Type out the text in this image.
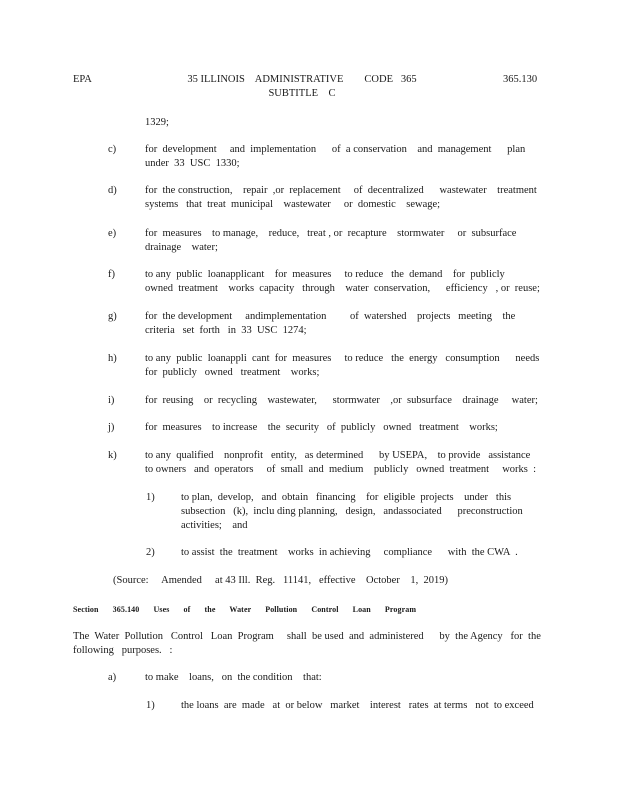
EPA	35 ILLINOIS    ADMINISTRATIVE        CODE   365
SUBTITLE    C
365.130
1329;
c)	for  development     and  implementation      of  a conservation    and  management      plan
under  33  USC  1330;
d)	for  the construction,    repair  ,or  replacement     of  decentralized      wastewater    treatment
systems   that  treat  municipal    wastewater     or  domestic    sewage;
e)	for  measures    to manage,    reduce,   treat , or  recapture    stormwater     or  subsurface
drainage    water;
f)	to any  public  loanapplicant    for  measures     to reduce   the  demand    for  publicly
owned  treatment    works  capacity   through    water  conservation,      efficiency   , or  reuse;
g)	for  the development     andimplementation         of  watershed    projects   meeting    the
criteria   set  forth   in  33  USC  1274;
h)	to any  public  loanappli  cant  for  measures     to reduce   the  energy   consumption      needs
for  publicly   owned   treatment    works;
i)	for  reusing    or  recycling    wastewater,      stormwater    ,or  subsurface    drainage     water;
j)	for  measures    to increase    the  security   of  publicly   owned   treatment    works;
k)	to any  qualified    nonprofit   entity,   as determined      by USEPA,    to provide   assistance
to owners   and  operators     of  small  and  medium    publicly   owned  treatment     works  :
1)	to plan,  develop,   and  obtain   financing    for  eligible  projects    under   this
subsection   (k),  inclu ding planning,   design,   andassociated      preconstruction
activities;    and
2)	to assist  the  treatment    works  in achieving     compliance      with  the CWA  .
(Source:     Amended     at 43 Ill.  Reg.   11141,   effective    October    1,  2019)
Section 365.140 Uses of the Water Pollution Control Loan Program
The  Water  Pollution   Control   Loan  Program     shall  be used  and  administered      by  the Agency   for  the
following   purposes.   :
a)	to make    loans,   on  the condition    that:
1)	the loans  are  made   at  or below   market    interest   rates  at terms   not  to exceed
